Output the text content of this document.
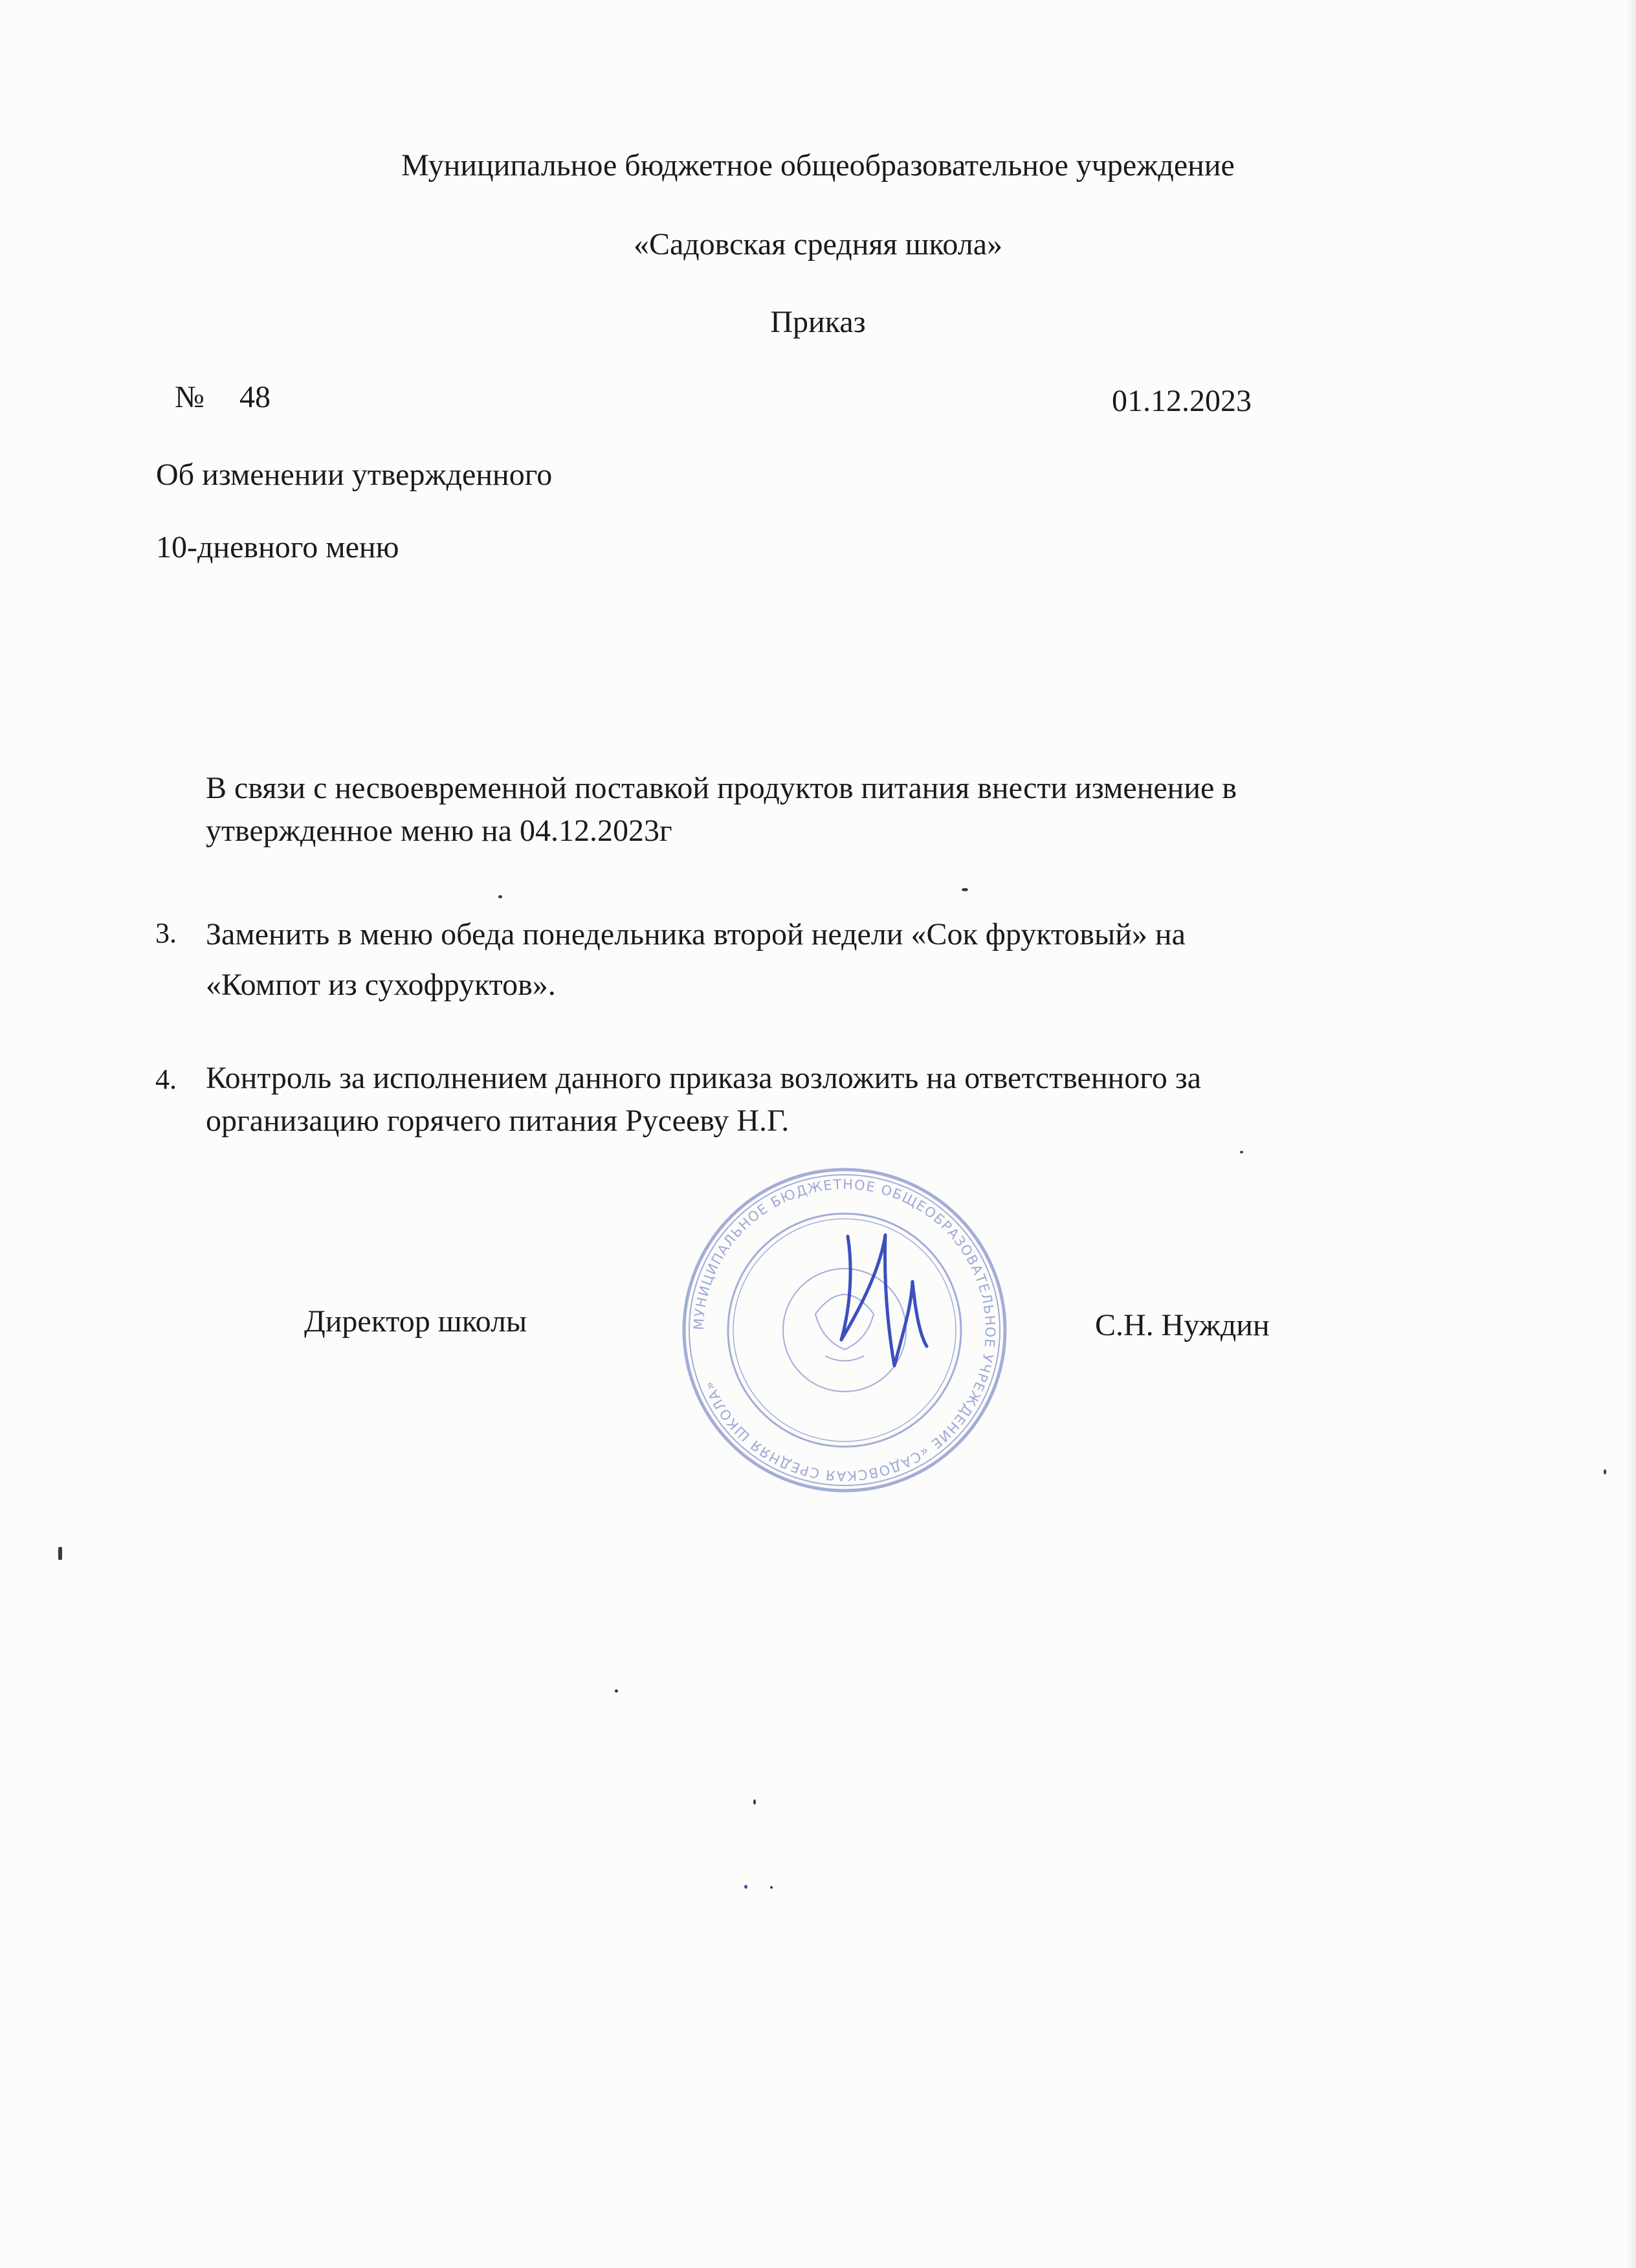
Муниципальное бюджетное общеобразовательное учреждение
«Садовская средняя школа»
Приказ
№ 48	01.12.2023
Об изменении утвержденного
10-дневного меню
В связи с несвоевременной поставкой продуктов питания внести изменение в
утвержденное меню на 04.12.2023г
3. Заменить в меню обеда понедельника второй недели «Сок фруктовый» на
«Компот из сухофруктов».
4. Контроль за исполнением данного приказа возложить на ответственного за
организацию горячего питания Русееву Н.Г.
МУНИЦИПАЛЬНОЕ БЮДЖЕТНОЕ ОБЩЕОБРАЗОВАТЕЛЬНОЕ УЧРЕЖДЕНИЕ «САДОВСКАЯ СРЕДНЯЯ ШКОЛА»
Директор школы	С.Н. Нуждин
